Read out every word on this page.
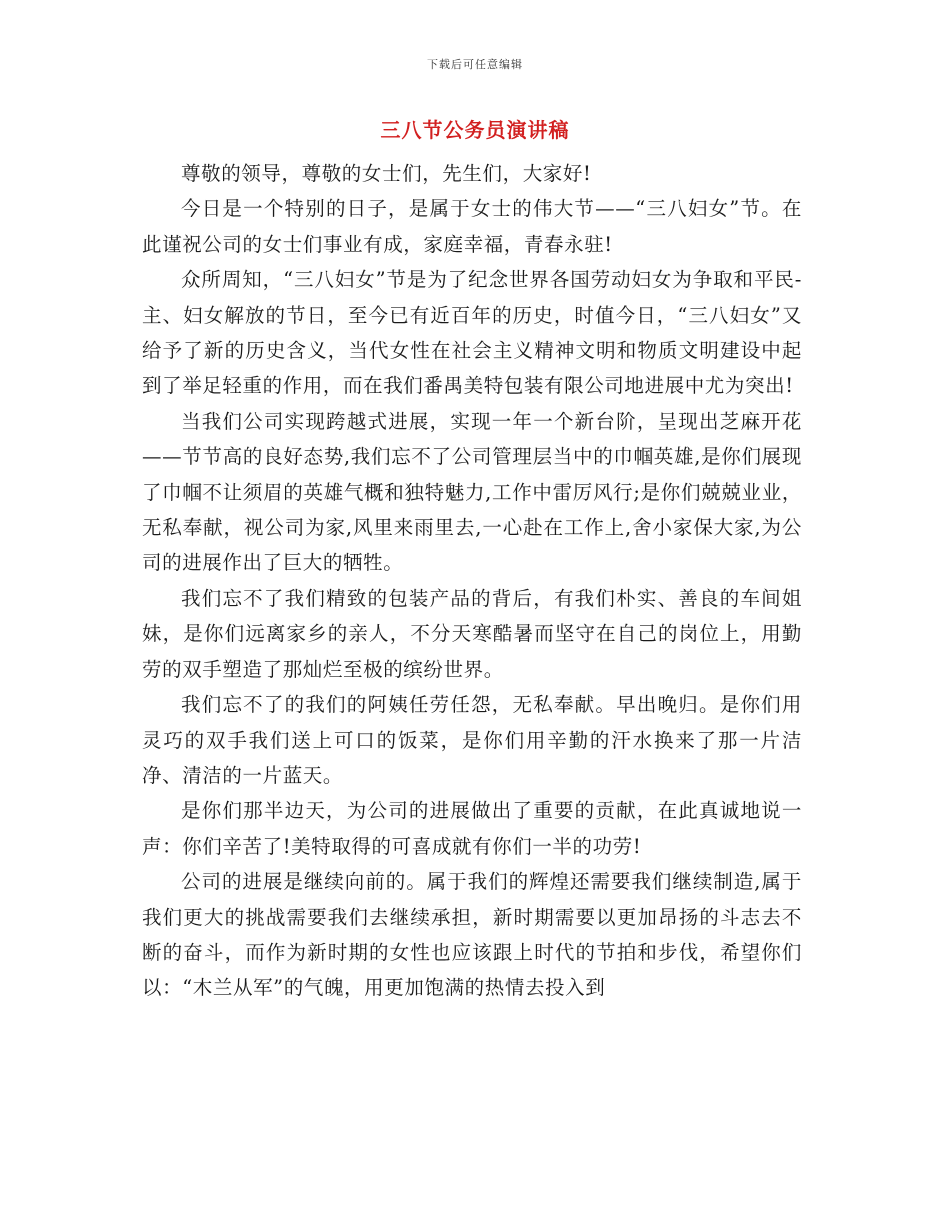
下载后可任意编辑
三八节公务员演讲稿

尊敬的领导，尊敬的女士们，先生们，大家好!

今日是一个特别的日子，是属于女士的伟大节——“三八妇女”节。在此谨祝公司的女士们事业有成，家庭幸福，青春永驻!

众所周知，“三八妇女”节是为了纪念世界各国劳动妇女为争取和平民-主、妇女解放的节日，至今已有近百年的历史，时值今日，“三八妇女”又给予了新的历史含义，当代女性在社会主义精神文明和物质文明建设中起到了举足轻重的作用，而在我们番禺美特包装有限公司地进展中尤为突出!

当我们公司实现跨越式进展，实现一年一个新台阶，呈现出芝麻开花——节节高的良好态势,我们忘不了公司管理层当中的巾帼英雄,是你们展现了巾帼不让须眉的英雄气概和独特魅力,工作中雷厉风行;是你们兢兢业业，无私奉献，视公司为家,风里来雨里去,一心赴在工作上,舍小家保大家,为公司的进展作出了巨大的牺牲。

我们忘不了我们精致的包装产品的背后，有我们朴实、善良的车间姐妹，是你们远离家乡的亲人，不分天寒酷暑而坚守在自己的岗位上，用勤劳的双手塑造了那灿烂至极的缤纷世界。

我们忘不了的我们的阿姨任劳任怨，无私奉献。早出晚归。是你们用灵巧的双手我们送上可口的饭菜，是你们用辛勤的汗水换来了那一片洁净、清洁的一片蓝天。

是你们那半边天，为公司的进展做出了重要的贡献，在此真诚地说一声：你们辛苦了!美特取得的可喜成就有你们一半的功劳!

公司的进展是继续向前的。属于我们的辉煌还需要我们继续制造,属于我们更大的挑战需要我们去继续承担，新时期需要以更加昂扬的斗志去不断的奋斗，而作为新时期的女性也应该跟上时代的节拍和步伐，希望你们以：“木兰从军”的气魄，用更加饱满的热情去投入到
